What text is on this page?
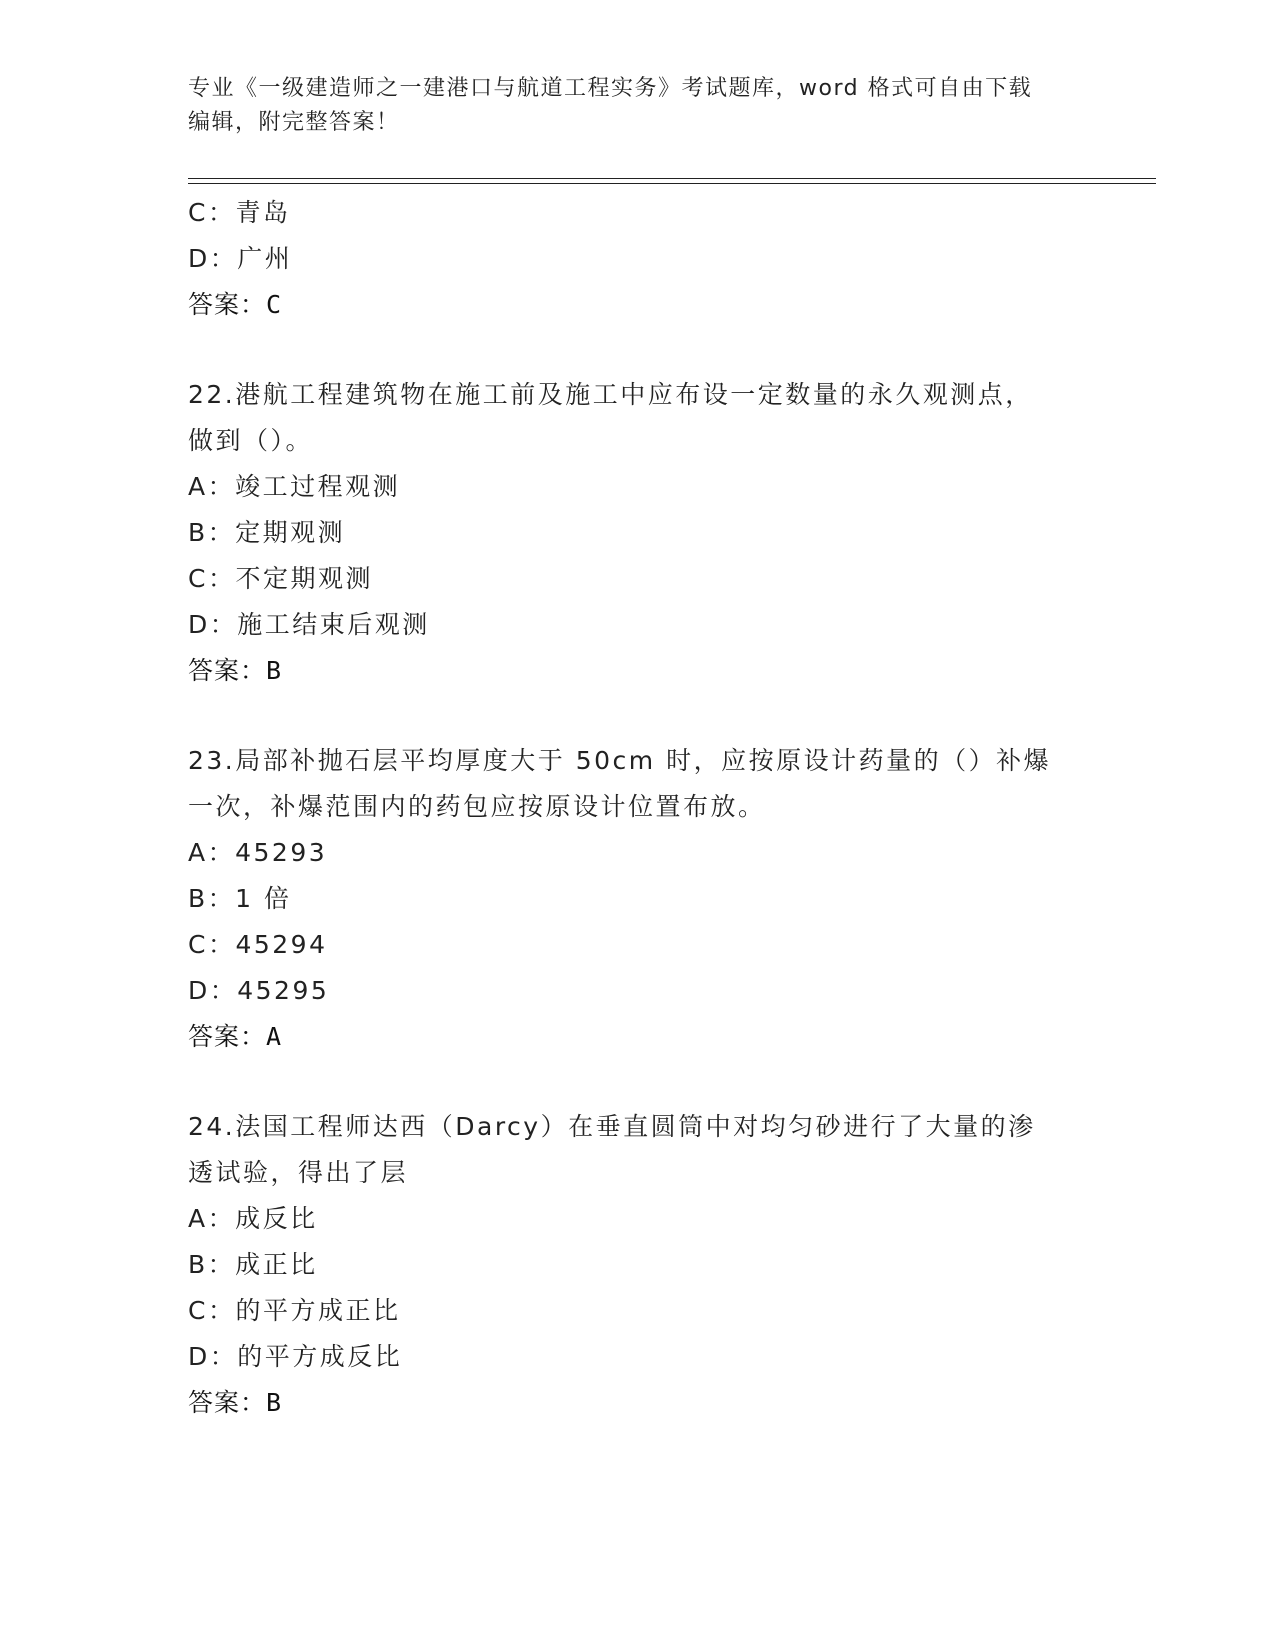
专业《一级建造师之一建港口与航道工程实务》考试题库，word 格式可自由下载
编辑，附完整答案！
C：青岛
D：广州
答案：C
22.港航工程建筑物在施工前及施工中应布设一定数量的永久观测点，
做到（）。
A：竣工过程观测
B：定期观测
C：不定期观测
D：施工结束后观测
答案：B
23.局部补抛石层平均厚度大于 50cm 时，应按原设计药量的（）补爆
一次，补爆范围内的药包应按原设计位置布放。
A：45293
B：1 倍
C：45294
D：45295
答案：A
24.法国工程师达西（Darcy）在垂直圆筒中对均匀砂进行了大量的渗
透试验，得出了层
A：成反比
B：成正比
C：的平方成正比
D：的平方成反比
答案：B
